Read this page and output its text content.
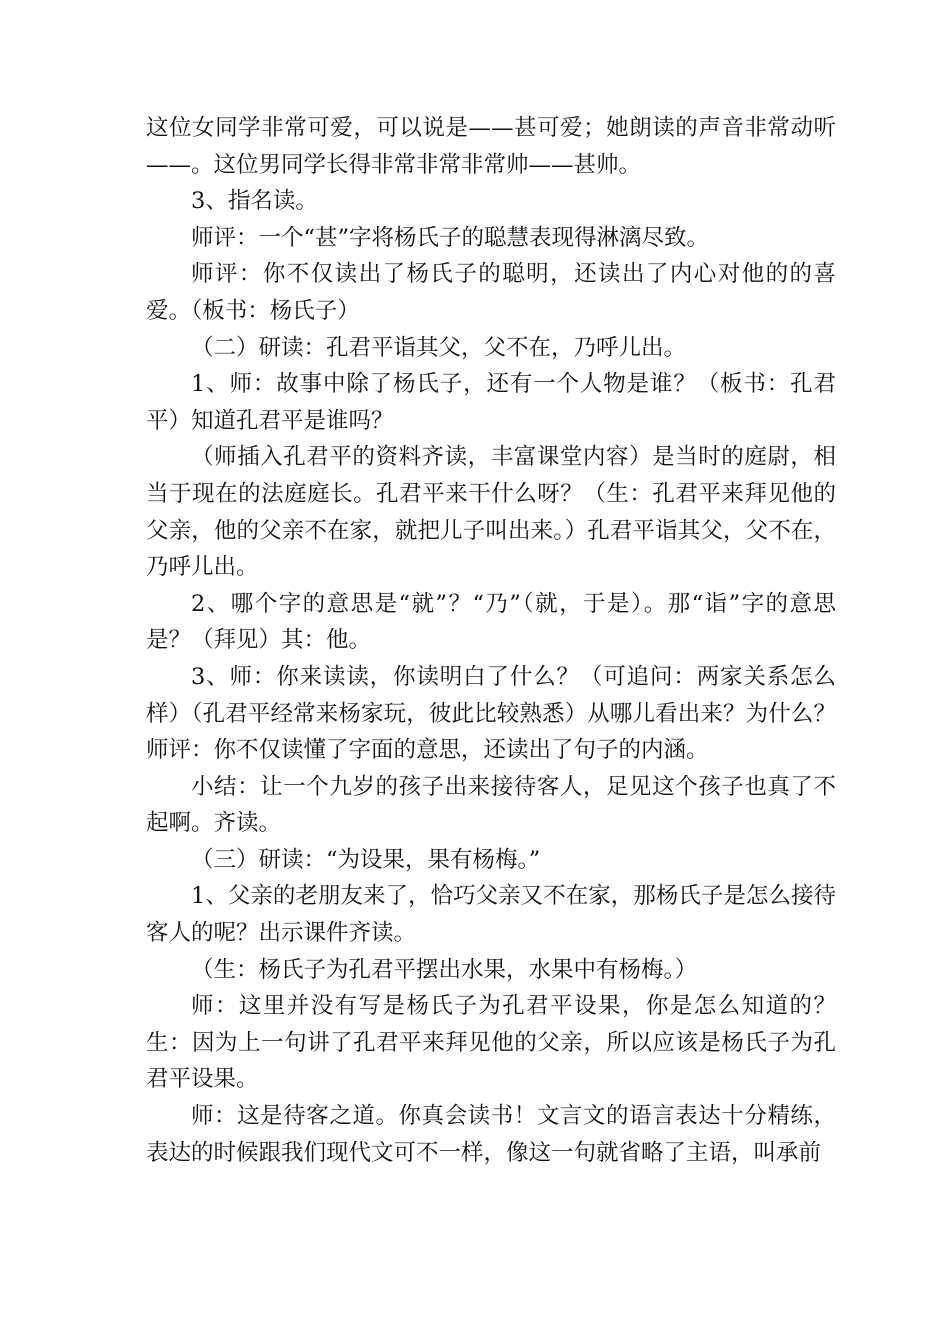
这位女同学非常可爱，可以说是——甚可爱；她朗读的声音非常动听——。这位男同学长得非常非常非常帅——甚帅。

3、指名读。

师评：一个“甚”字将杨氏子的聪慧表现得淋漓尽致。

师评：你不仅读出了杨氏子的聪明，还读出了内心对他的的喜爱。（板书：杨氏子）

（二）研读：孔君平诣其父，父不在，乃呼儿出。

1、师：故事中除了杨氏子，还有一个人物是谁？（板书：孔君平）知道孔君平是谁吗？

（师插入孔君平的资料齐读，丰富课堂内容）是当时的庭尉，相当于现在的法庭庭长。孔君平来干什么呀？（生：孔君平来拜见他的父亲，他的父亲不在家，就把儿子叫出来。）孔君平诣其父，父不在，乃呼儿出。

2、哪个字的意思是“就”？“乃”（就，于是）。那“诣”字的意思是？（拜见）其：他。

3、师：你来读读，你读明白了什么？（可追问：两家关系怎么样）（孔君平经常来杨家玩，彼此比较熟悉）从哪儿看出来？为什么？师评：你不仅读懂了字面的意思，还读出了句子的内涵。

小结：让一个九岁的孩子出来接待客人，足见这个孩子也真了不起啊。齐读。

（三）研读：“为设果，果有杨梅。”

1、父亲的老朋友来了，恰巧父亲又不在家，那杨氏子是怎么接待客人的呢？出示课件齐读。

（生：杨氏子为孔君平摆出水果，水果中有杨梅。）

师：这里并没有写是杨氏子为孔君平设果，你是怎么知道的？生：因为上一句讲了孔君平来拜见他的父亲，所以应该是杨氏子为孔君平设果。

师：这是待客之道。你真会读书！文言文的语言表达十分精练，表达的时候跟我们现代文可不一样，像这一句就省略了主语，叫承前
